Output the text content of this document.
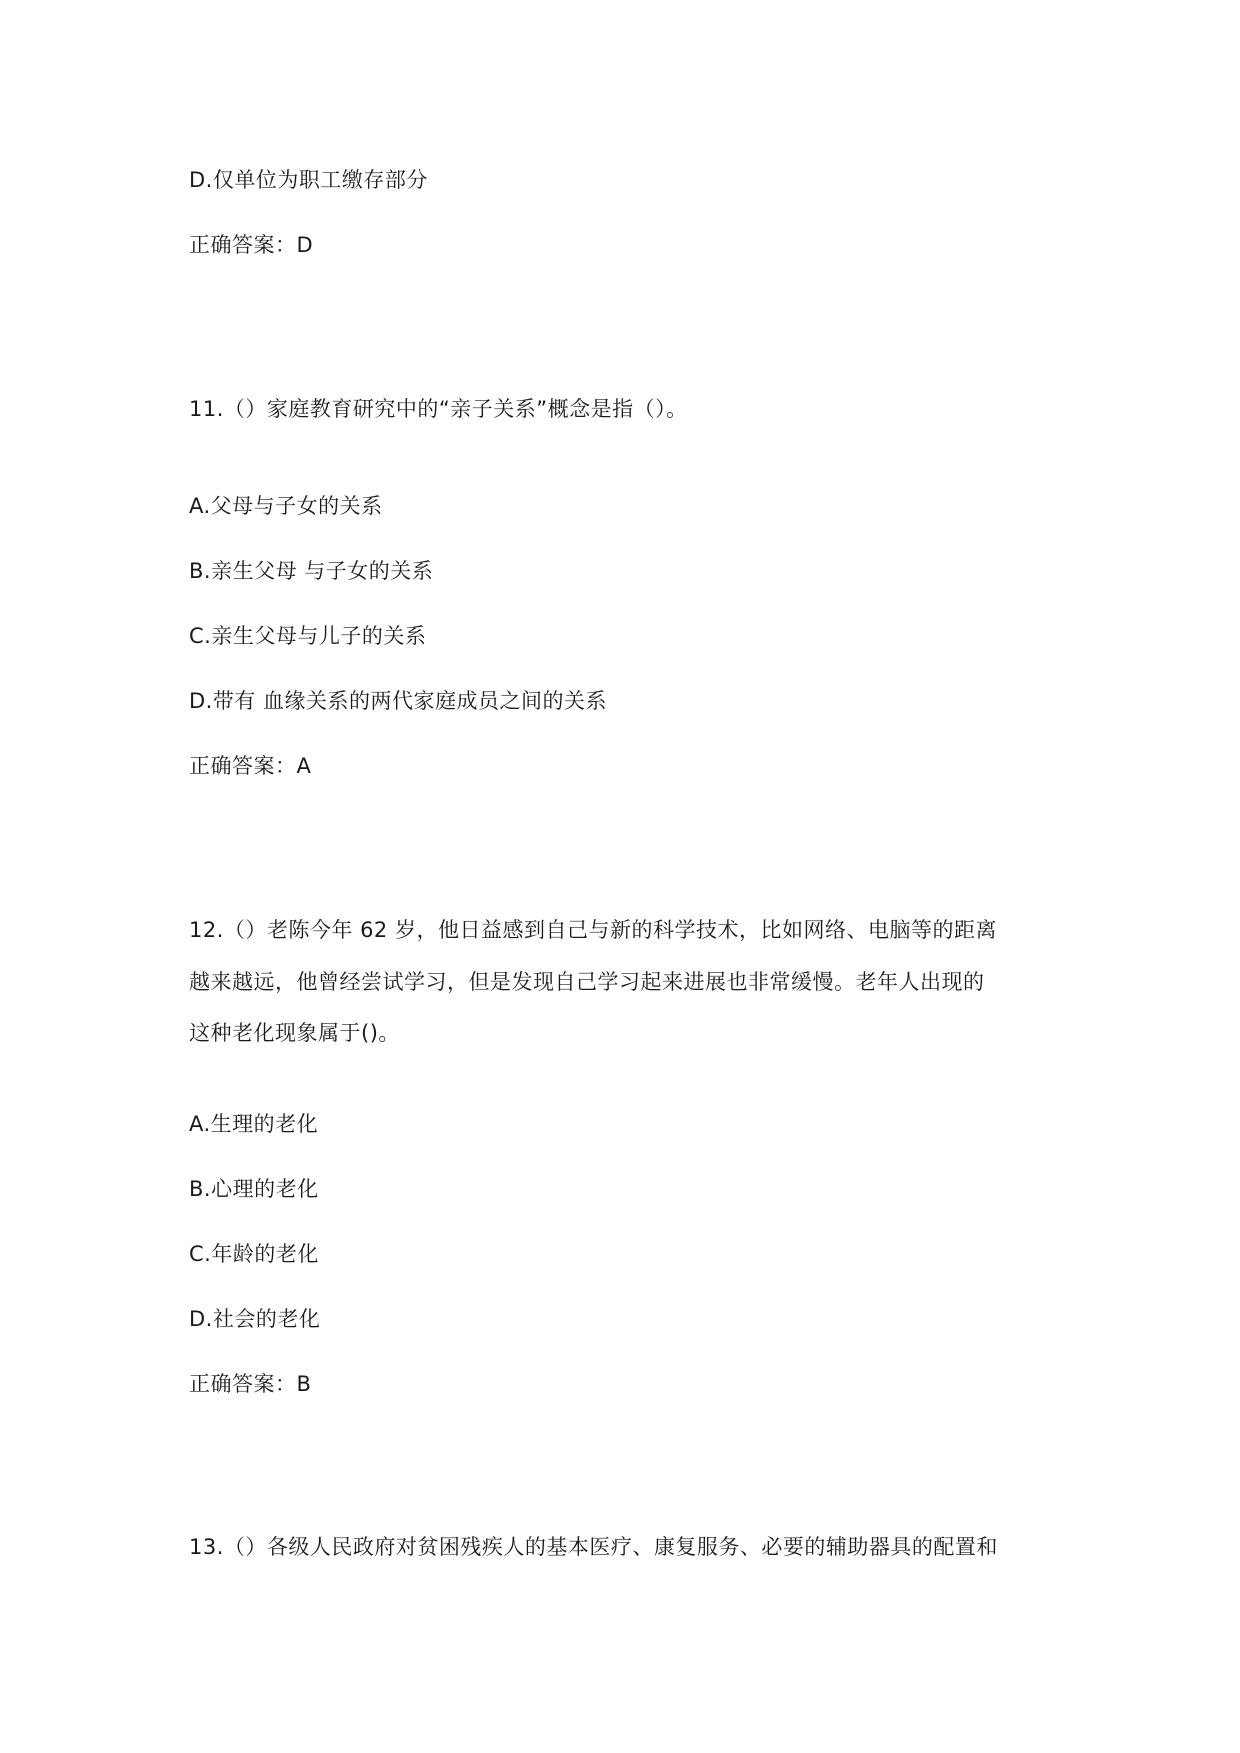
D.仅单位为职工缴存部分
正确答案：D
11.（）家庭教育研究中的“亲子关系”概念是指（）。
A.父母与子女的关系
B.亲生父母 与子女的关系
C.亲生父母与儿子的关系
D.带有 血缘关系的两代家庭成员之间的关系
正确答案：A
12.（）老陈今年 62 岁，他日益感到自己与新的科学技术，比如网络、电脑等的距离
越来越远，他曾经尝试学习，但是发现自己学习起来进展也非常缓慢。老年人出现的
这种老化现象属于()。
A.生理的老化
B.心理的老化
C.年龄的老化
D.社会的老化
正确答案：B
13.（）各级人民政府对贫困残疾人的基本医疗、康复服务、必要的辅助器具的配置和
